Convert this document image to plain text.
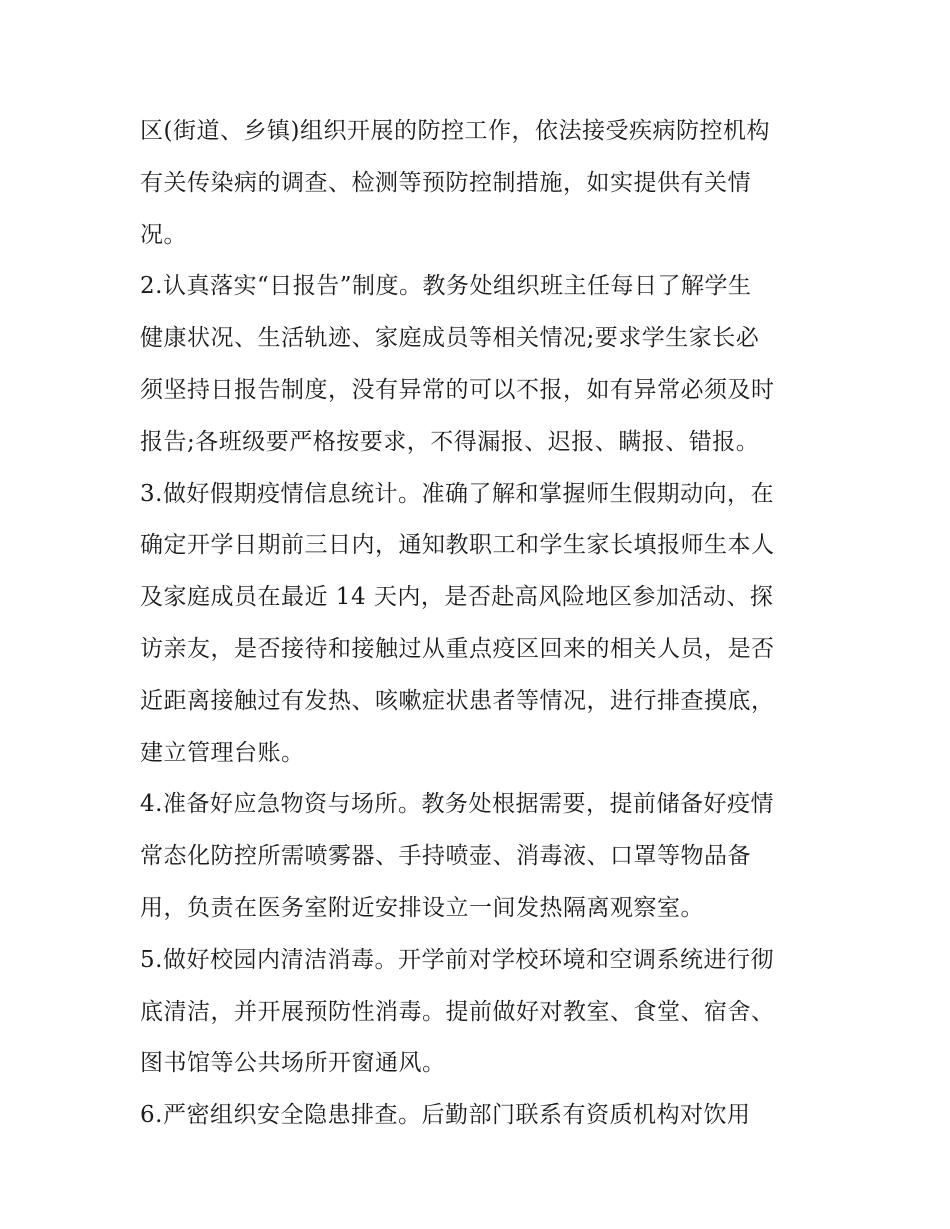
区(街道、乡镇)组织开展的防控工作，依法接受疾病防控机构
有关传染病的调查、检测等预防控制措施，如实提供有关情
况。
2.认真落实“日报告”制度。教务处组织班主任每日了解学生
健康状况、生活轨迹、家庭成员等相关情况;要求学生家长必
须坚持日报告制度，没有异常的可以不报，如有异常必须及时
报告;各班级要严格按要求，不得漏报、迟报、瞒报、错报。
3.做好假期疫情信息统计。准确了解和掌握师生假期动向，在
确定开学日期前三日内，通知教职工和学生家长填报师生本人
及家庭成员在最近 14 天内，是否赴高风险地区参加活动、探
访亲友，是否接待和接触过从重点疫区回来的相关人员，是否
近距离接触过有发热、咳嗽症状患者等情况，进行排查摸底，
建立管理台账。
4.准备好应急物资与场所。教务处根据需要，提前储备好疫情
常态化防控所需喷雾器、手持喷壶、消毒液、口罩等物品备
用，负责在医务室附近安排设立一间发热隔离观察室。
5.做好校园内清洁消毒。开学前对学校环境和空调系统进行彻
底清洁，并开展预防性消毒。提前做好对教室、食堂、宿舍、
图书馆等公共场所开窗通风。
6.严密组织安全隐患排查。后勤部门联系有资质机构对饮用
